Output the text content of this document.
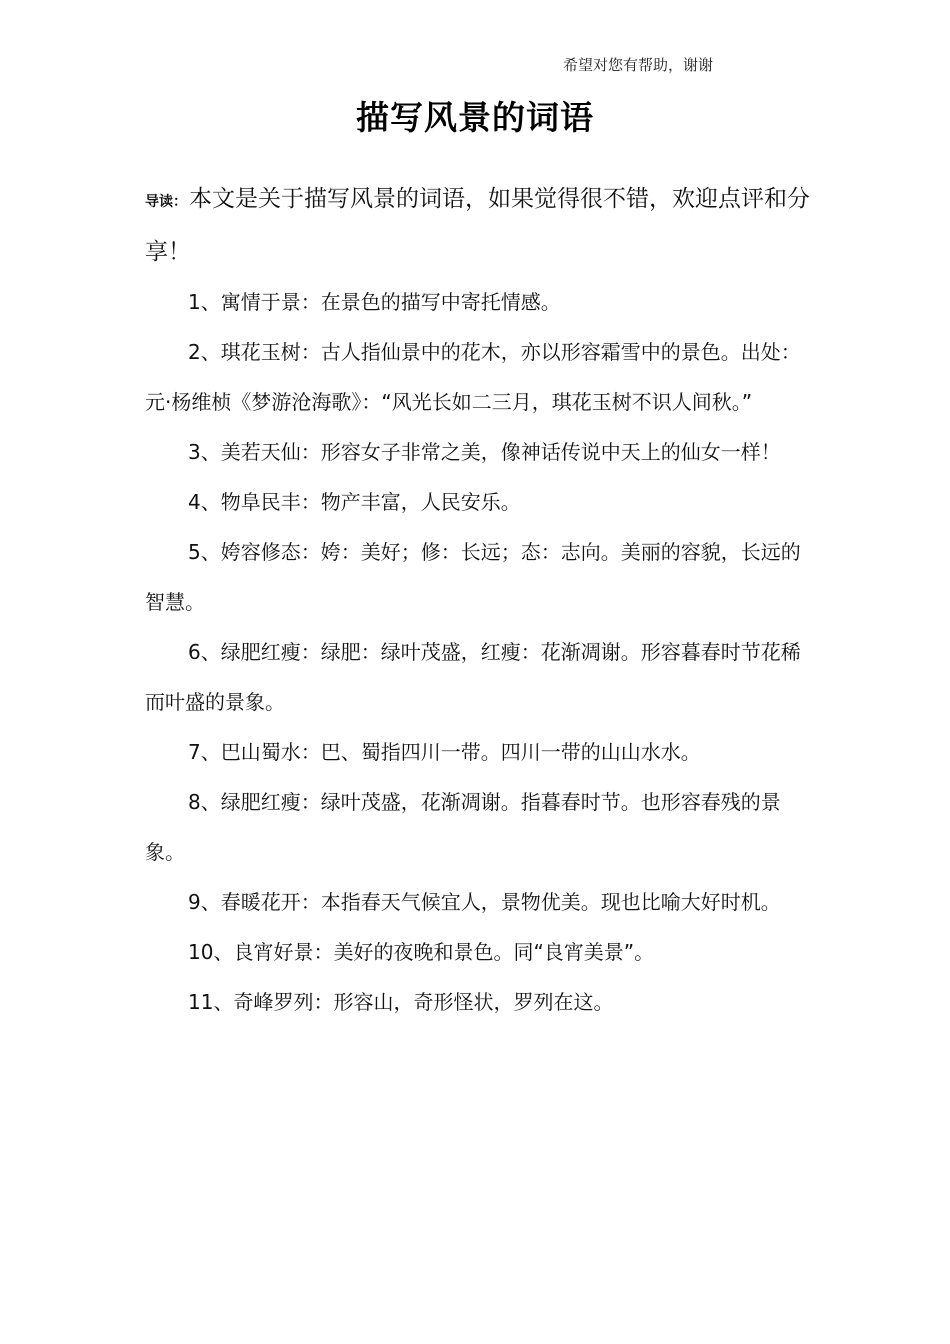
希望对您有帮助，谢谢
描写风景的词语

导读：本文是关于描写风景的词语，如果觉得很不错，欢迎点评和分享！

1、寓情于景：在景色的描写中寄托情感。
2、琪花玉树：古人指仙景中的花木，亦以形容霜雪中的景色。出处：元·杨维桢《梦游沧海歌》：“风光长如二三月，琪花玉树不识人间秋。”
3、美若天仙：形容女子非常之美，像神话传说中天上的仙女一样！
4、物阜民丰：物产丰富，人民安乐。
5、姱容修态：姱：美好；修：长远；态：志向。美丽的容貌，长远的智慧。
6、绿肥红瘦：绿肥：绿叶茂盛，红瘦：花渐凋谢。形容暮春时节花稀而叶盛的景象。
7、巴山蜀水：巴、蜀指四川一带。四川一带的山山水水。
8、绿肥红瘦：绿叶茂盛，花渐凋谢。指暮春时节。也形容春残的景象。
9、春暖花开：本指春天气候宜人，景物优美。现也比喻大好时机。
10、良宵好景：美好的夜晚和景色。同“良宵美景”。
11、奇峰罗列：形容山，奇形怪状，罗列在这。
